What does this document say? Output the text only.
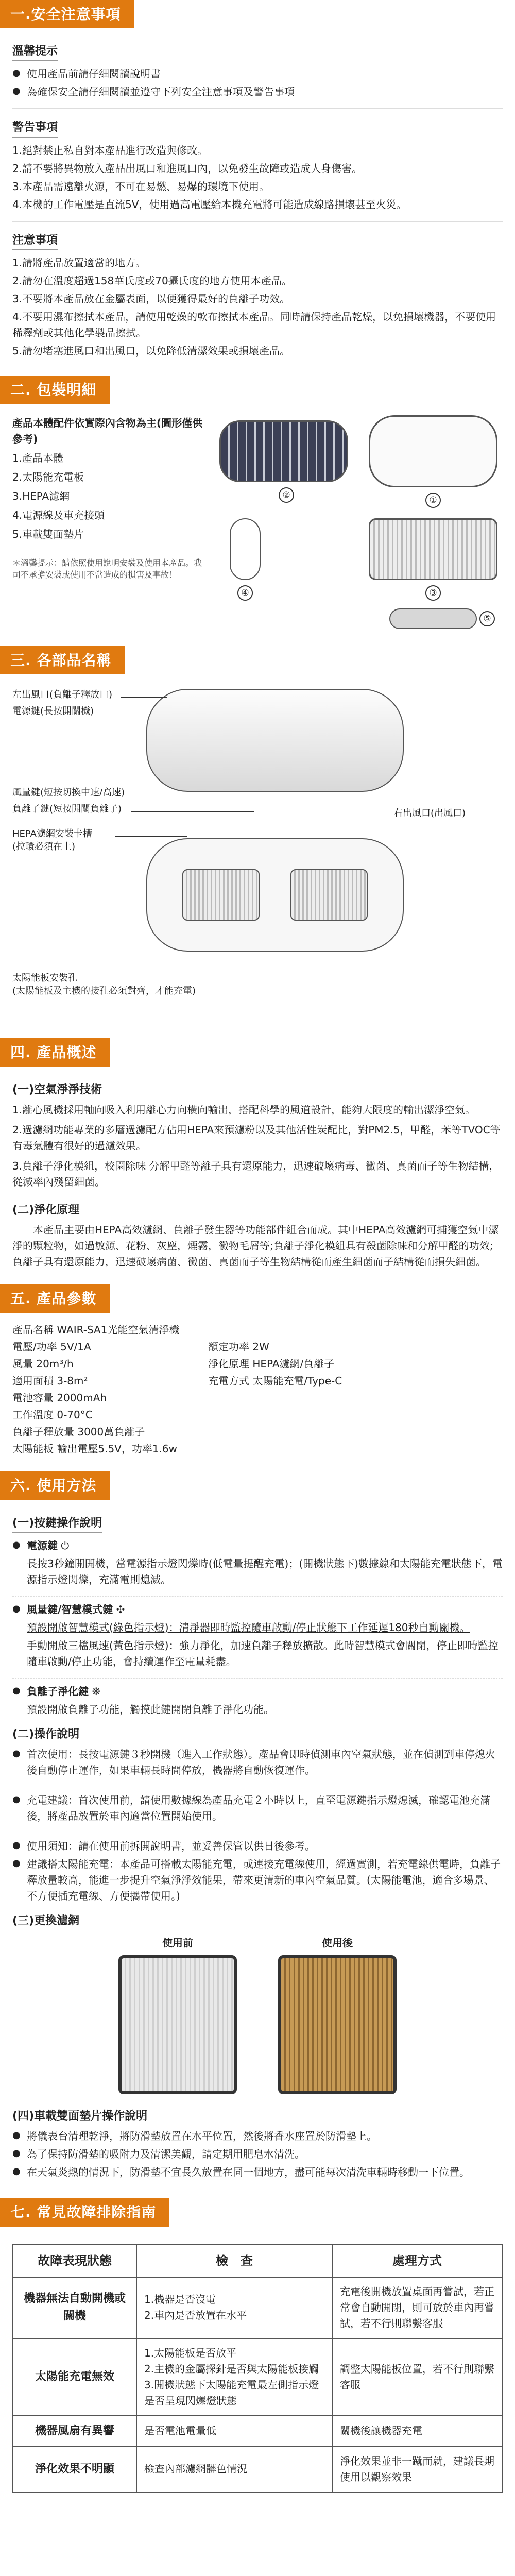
一.安全注意事項
溫馨提示
● 使用產品前請仔細閱讀說明書
● 為確保安全請仔細閱讀並遵守下列安全注意事項及警告事項
警告事項
1.絕對禁止私自對本產品進行改造與修改。
2.請不要將異物放入產品出風口和進風口內，以免發生故障或造成人身傷害。
3.本產品需遠離火源，不可在易燃、易爆的環境下使用。
4.本機的工作電壓是直流5V，使用過高電壓給本機充電將可能造成線路損壞甚至火災。
注意事項
1.請將產品放置適當的地方。
2.請勿在溫度超過158華氏度或70攝氏度的地方使用本產品。
3.不要將本產品放在金屬表面，以便獲得最好的負離子功效。
4.不要用濕布擦拭本產品，請使用乾燥的軟布擦拭本產品。同時請保持產品乾燥，以免損壞機器，不要使用稀釋劑或其他化學製品擦拭。
5.請勿堵塞進風口和出風口，以免降低清潔效果或損壞產品。
二. 包裝明細
產品本體配件依實際內含物為主(圖形僅供參考)
1.產品本體
2.太陽能充電板
3.HEPA濾網
4.電源線及車充接頭
5.車載雙面墊片
＊溫馨提示：請依照使用說明安裝及使用本產品。我司不承擔安裝或使用不當造成的損害及事故！
②	①
④	③
⑤
三. 各部品名稱
左出風口(負離子釋放口)
電源鍵(長按開關機)
風量鍵(短按切換中速/高速)
負離子鍵(短按開關負離子)	右出風口(出風口)
HEPA濾網安裝卡槽
(拉環必須在上)
太陽能板安裝孔
(太陽能板及主機的接孔必須對齊，才能充電)
四. 產品概述
(一)空氣淨淨技術

1.離心風機採用軸向吸入利用離心力向橫向輸出，搭配科學的風道設計，能夠大限度的輸出潔淨空氣。

2.過濾網功能專業的多層過濾配方佔用HEPA來預濾粉以及其他活性炭配比，對PM2.5，甲醛，苯等TVOC等有毒氣體有很好的過濾效果。

3.負離子淨化模組，校園除味 分解甲醛等離子具有還原能力，迅速破壞病毒、黴菌、真菌而子等生物結構，從減率內殘留細菌。

(二)淨化原理

本產品主要由HEPA高效濾網、負離子發生器等功能部件組合而成。其中HEPA高效濾網可捕獲空氣中潔淨的顆粒物，如過敏源、花粉、灰塵，煙霧，黴物毛屑等;負離子淨化模組具有殺菌除味和分解甲醛的功效;負離子具有還原能力，迅速破壞病菌、黴菌、真菌而子等生物結構從而產生細菌而子結構從而損失細菌。

五. 產品參數
產品名稱 WAIR-SA1光能空氣清淨機
電壓/功率 5V/1A	額定功率 2W
風量 20m³/h	淨化原理 HEPA濾網/負離子
適用面積 3-8m²	充電方式 太陽能充電/Type-C
電池容量 2000mAh
工作溫度 0-70°C
負離子釋放量 3000萬負離子
太陽能板 輸出電壓5.5V，功率1.6w
六. 使用方法
(一)按鍵操作說明
● 電源鍵 ⏻
長按3秒鐘開開機，當電源指示燈閃爍時(低電量提醒充電)；(開機狀態下)數據線和太陽能充電狀態下，電源指示燈閃爍，充滿電則熄滅。
● 風量鍵/智慧模式鍵 ✣
預設開啟智慧模式(綠色指示燈)：清淨器即時監控隨車啟動/停止狀態下工作延遲180秒自動關機。
手動開啟三檔風速(黃色指示燈)：強力淨化，加速負離子釋放擴散。此時智慧模式會關閉，停止即時監控隨車啟動/停止功能，會持續運作至電量耗盡。
● 負離子淨化鍵 ❋
預設開啟負離子功能，觸摸此鍵開閉負離子淨化功能。
(二)操作說明
● 首次使用：長按電源鍵３秒開機（進入工作狀態）。產品會即時偵測車內空氣狀態，並在偵測到車停熄火後自動停止運作，如果車輛長時間停放，機器將自動恢復運作。
● 充電建議：首次使用前，請使用數據線為產品充電２小時以上，直至電源鍵指示燈熄滅，確認電池充滿後，將產品放置於車內適當位置開始使用。
● 使用須知：請在使用前拆開說明書，並妥善保管以供日後參考。
● 建議搭太陽能充電：本產品可搭載太陽能充電，或連接充電線使用，經過實測，若充電線供電時，負離子釋放量較高，能進一步提升空氣淨淨效能果，帶來更清新的車內空氣品質。(太陽能電池，適合多場景、不方便插充電線、方便攜帶使用。)
(三)更換濾網
使用前	使用後
(四)車載雙面墊片操作說明
● 將儀表台清理乾淨，將防滑墊放置在水平位置，然後將香水座置於防滑墊上。
● 為了保持防滑墊的吸附力及清潔美觀，請定期用肥皂水清洗。
● 在天氣炎熱的情況下，防滑墊不宜長久放置在同一個地方，盡可能每次清洗車輛時移動一下位置。
七. 常見故障排除指南
故障表現狀態	檢　查	處理方式
機器無法自動開機或關機	1.機器是否沒電
2.車內是否放置在水平	充電後開機放置桌面再嘗試，若正常會自動開閉，則可放於車內再嘗試，若不行則聯繫客服
太陽能充電無效	1.太陽能板是否放平
2.主機的金屬探針是否與太陽能板接觸
3.開機狀態下太陽能充電最左側指示燈是否呈現閃爍燈狀態	調整太陽能板位置，若不行則聯繫客服
機器風扇有異響	是否電池電量低	關機後讓機器充電
淨化效果不明顯	檢查內部濾網髒色情況	淨化效果並非一蹴而就，建議長期使用以觀察效果
